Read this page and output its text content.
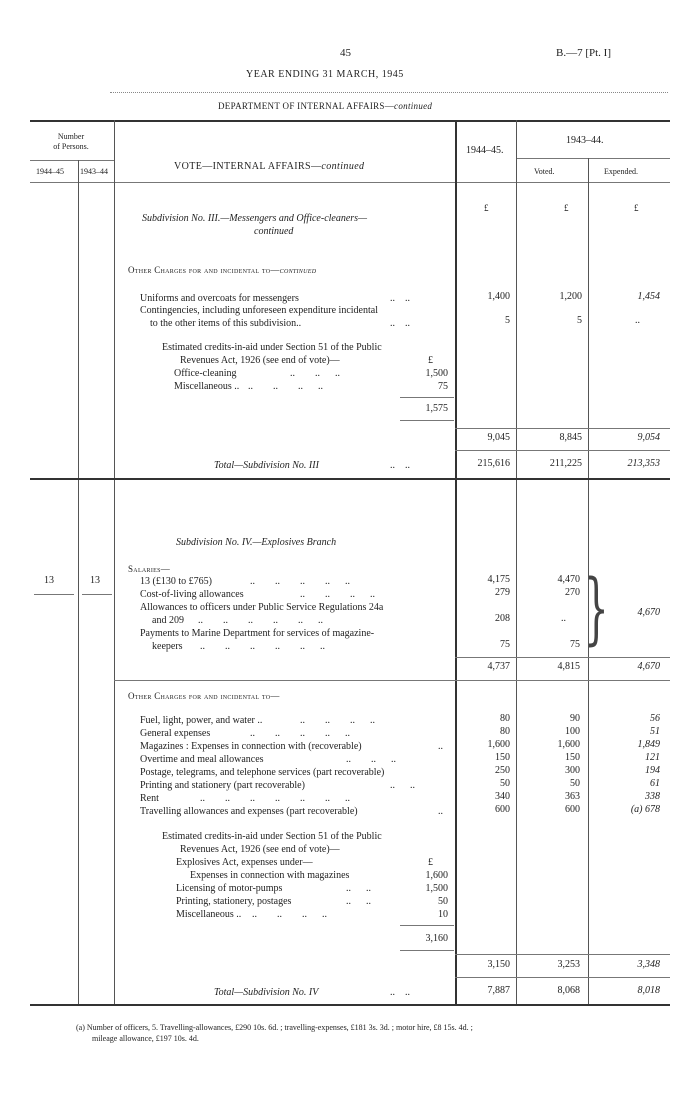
45	B.—7 [Pt. I]
YEAR ENDING 31 MARCH, 1945
DEPARTMENT OF INTERNAL AFFAIRS—continued
Number
of Persons.
1944–45 1943–44	VOTE—INTERNAL AFFAIRS—continued
1944–45.
1943–44.
Voted.	Expended.
£	£	£
Subdivision No. III.—Messengers and Office-cleaners—
continued
Other Charges for and incidental to—continued
Uniforms and overcoats for messengers	..    ..	1,400	1,200	1,454
Contingencies, including unforeseen expenditure incidental
to the other items of this subdivision..	..    ..	5	5	..
Estimated credits-in-aid under Section 51 of the Public
Revenues Act, 1926 (see end of vote)—	£
Office-cleaning	..        ..      ..	1,500
Miscellaneous .. ..        ..        ..      ..	75
1,575
9,045	8,845	9,054
Total—Subdivision No. III	..    ..	215,616	211,225	213,353
Subdivision No. IV.—Explosives Branch
Salaries—
13	13	13 (£130 to £765)	..        ..        ..        ..      ..	4,175	4,470
Cost-of-living allowances	..        ..        ..      ..	279	270
Allowances to officers under Public Service Regulations 24a
and 209 ..        ..        ..        ..        ..      ..	208	..
Payments to Marine Department for services of magazine-
keepers ..        ..        ..        ..        ..      ..	75	75 }	4,670
4,737	4,815	4,670
Other Charges for and incidental to—
Fuel, light, power, and water ..	..        ..        ..      ..	80	90	56
General expenses	..        ..        ..        ..      ..	80	100	51
Magazines : Expenses in connection with (recoverable)	..	1,600	1,600	1,849
Overtime and meal allowances	..        ..      ..	150	150	121
Postage, telegrams, and telephone services (part recoverable)	250	300	194
Printing and stationery (part recoverable)	..      ..	50	50	61
Rent	..        ..        ..        ..        ..        ..      ..	340	363	338
Travelling allowances and expenses (part recoverable)	..	600	600	(a) 678
Estimated credits-in-aid under Section 51 of the Public
Revenues Act, 1926 (see end of vote)—
Explosives Act, expenses under—	£
Expenses in connection with magazines	1,600
Licensing of motor-pumps	..      ..	1,500
Printing, stationery, postages	..      ..	50
Miscellaneous .. ..        ..        ..      ..	10
3,160
3,150	3,253	3,348
Total—Subdivision No. IV	..    ..	7,887	8,068	8,018
(a) Number of officers, 5. Travelling-allowances, £290 10s. 6d. ; travelling-expenses, £181 3s. 3d. ; motor hire, £8 15s. 4d. ;
mileage allowance, £197 10s. 4d.
